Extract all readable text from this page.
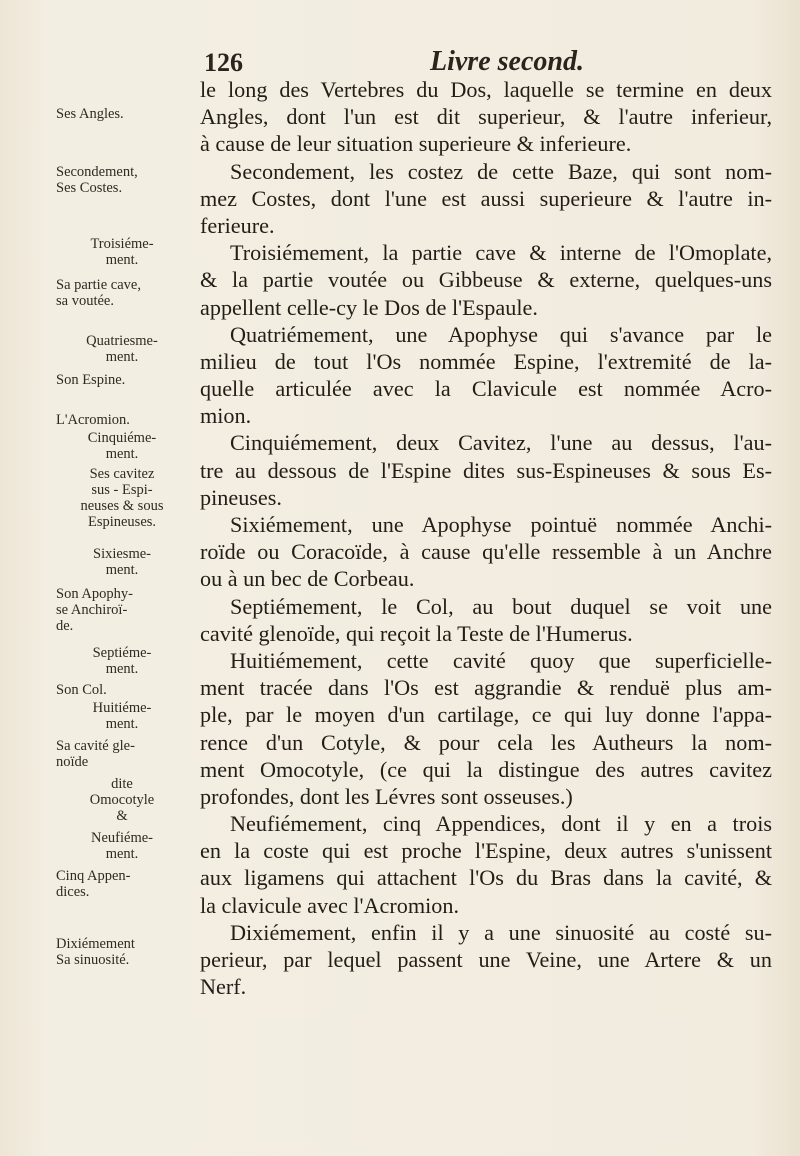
126	Livre second.
Ses Angles.
Secondement,
Ses Costes.
Troisiéme-
ment.
Sa partie cave,
sa voutée.
Quatriesme-
ment.
Son Espine.
L'Acromion.
Cinquiéme-
ment.
Ses cavitez
sus - Espi-
neuses & sous
Espineuses.
Sixiesme-
ment.
Son Apophy-
se Anchiroï-
de.
Septiéme-
ment.
Son Col.
Huitiéme-
ment.
Sa cavité gle-
noïde
dite
Omocotyle
&
Neufiéme-
ment.
Cinq Appen-
dices.
Dixiémement
Sa sinuosité.
le long des Vertebres du Dos, laquelle se termine en deux
Angles, dont l'un est dit superieur, & l'autre inferieur,
à cause de leur situation superieure & inferieure.
Secondement, les costez de cette Baze, qui sont nom-
mez Costes, dont l'une est aussi superieure & l'autre in-
ferieure.
Troisiémement, la partie cave & interne de l'Omoplate,
& la partie voutée ou Gibbeuse & externe, quelques-uns
appellent celle-cy le Dos de l'Espaule.
Quatriémement, une Apophyse qui s'avance par le
milieu de tout l'Os nommée Espine, l'extremité de la-
quelle articulée avec la Clavicule est nommée Acro-
mion.
Cinquiémement, deux Cavitez, l'une au dessus, l'au-
tre au dessous de l'Espine dites sus-Espineuses & sous Es-
pineuses.
Sixiémement, une Apophyse pointuë nommée Anchi-
roïde ou Coracoïde, à cause qu'elle ressemble à un Anchre
ou à un bec de Corbeau.
Septiémement, le Col, au bout duquel se voit une
cavité glenoïde, qui reçoit la Teste de l'Humerus.
Huitiémement, cette cavité quoy que superficielle-
ment tracée dans l'Os est aggrandie & renduë plus am-
ple, par le moyen d'un cartilage, ce qui luy donne l'appa-
rence d'un Cotyle, & pour cela les Autheurs la nom-
ment Omocotyle, (ce qui la distingue des autres cavitez
profondes, dont les Lévres sont osseuses.)
Neufiémement, cinq Appendices, dont il y en a trois
en la coste qui est proche l'Espine, deux autres s'unissent
aux ligamens qui attachent l'Os du Bras dans la cavité, &
la clavicule avec l'Acromion.
Dixiémement, enfin il y a une sinuosité au costé su-
perieur, par lequel passent une Veine, une Artere & un
Nerf.
